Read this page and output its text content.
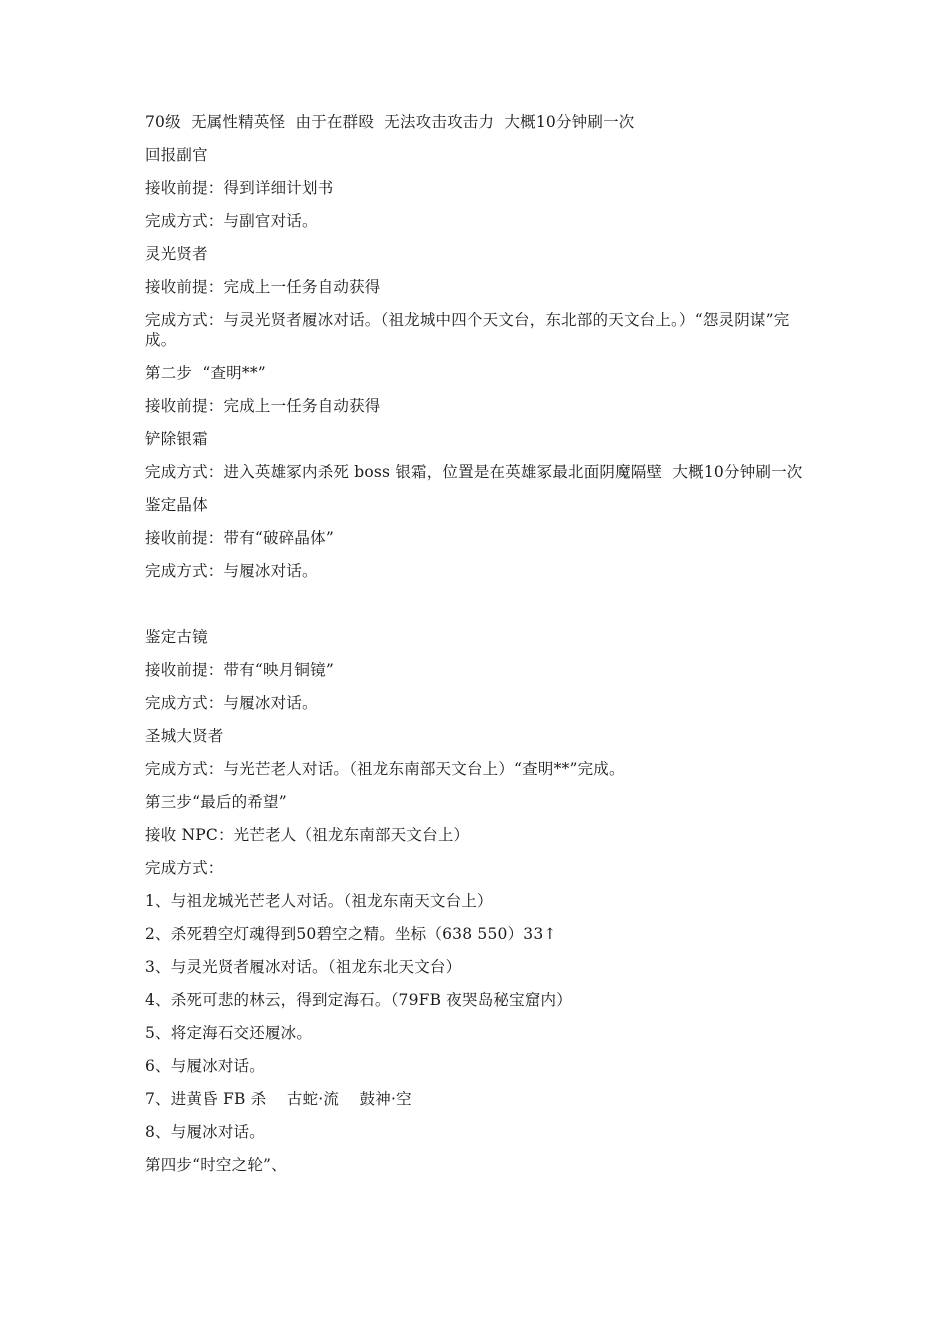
70级  无属性精英怪  由于在群殴  无法攻击攻击力  大概10分钟刷一次

回报副官

接收前提：得到详细计划书

完成方式：与副官对话。

灵光贤者

接收前提：完成上一任务自动获得

完成方式：与灵光贤者履冰对话。（祖龙城中四个天文台，东北部的天文台上。）“怨灵阴谋”完成。

第二步  “查明**”

接收前提：完成上一任务自动获得

铲除银霜

完成方式：进入英雄冢内杀死 boss 银霜，位置是在英雄冢最北面阴魔隔壁  大概10分钟刷一次

鉴定晶体

接收前提：带有“破碎晶体”

完成方式：与履冰对话。

鉴定古镜

接收前提：带有“映月铜镜”

完成方式：与履冰对话。

圣城大贤者

完成方式：与光芒老人对话。（祖龙东南部天文台上）“查明**”完成。

第三步“最后的希望”

接收 NPC：光芒老人（祖龙东南部天文台上）

完成方式：

1、与祖龙城光芒老人对话。（祖龙东南天文台上）

2、杀死碧空灯魂得到50碧空之精。坐标（638 550）33↑

3、与灵光贤者履冰对话。（祖龙东北天文台）

4、杀死可悲的林云，得到定海石。（79FB 夜哭岛秘宝窟内）

5、将定海石交还履冰。

6、与履冰对话。

7、进黄昏 FB 杀    古蛇·流    鼓神·空

8、与履冰对话。

第四步“时空之轮”、
